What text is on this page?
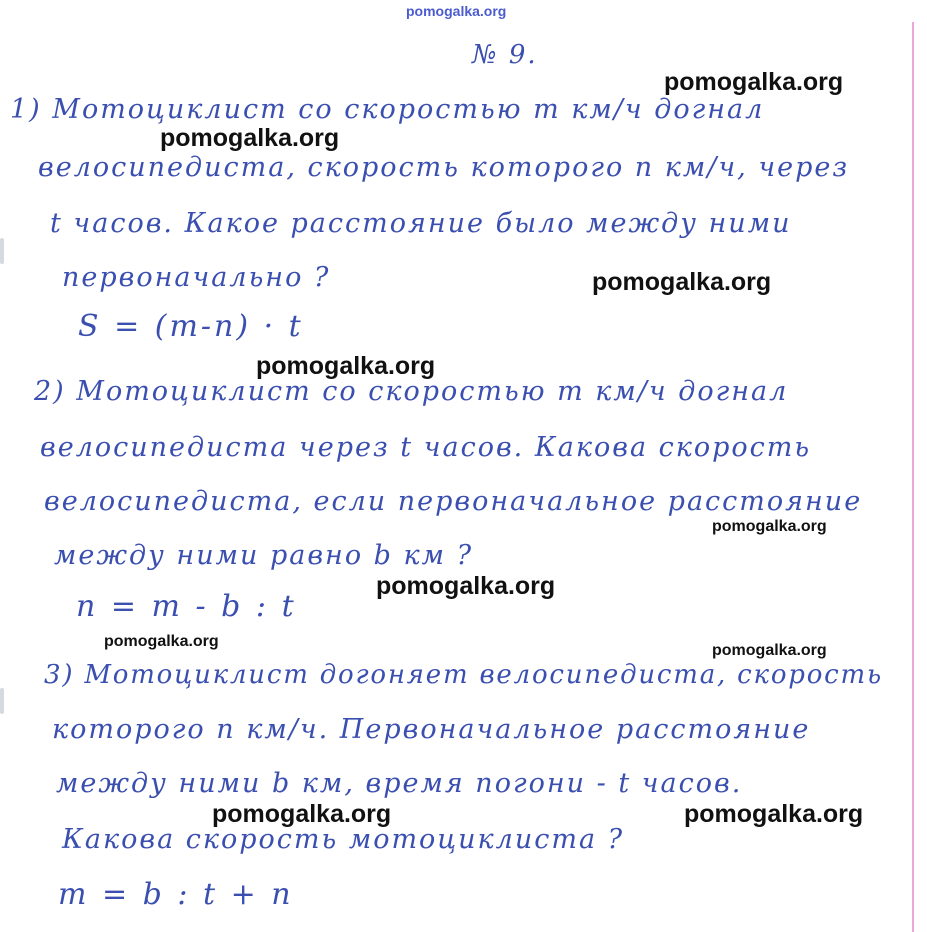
pomogalka.org

№ 9.

1) Мотоциклист со скоростью m км/ч догнал

велосипедиста, скорость которого n км/ч, через

t часов. Какое расстояние было между ними

первоначально ?

S = (m-n) · t

2) Мотоциклист со скоростью m км/ч догнал

велосипедиста через t часов. Какова скорость

велосипедиста, если первоначальное расстояние

между ними равно b км ?

n = m - b : t

3) Мотоциклист догоняет велосипедиста, скорость

которого n км/ч. Первоначальное расстояние

между ними b км, время погони - t часов.

Какова скорость мотоциклиста ?

m = b : t + n

pomogalka.org

pomogalka.org

pomogalka.org

pomogalka.org

pomogalka.org

pomogalka.org

pomogalka.org

pomogalka.org

pomogalka.org	pomogalka.org
